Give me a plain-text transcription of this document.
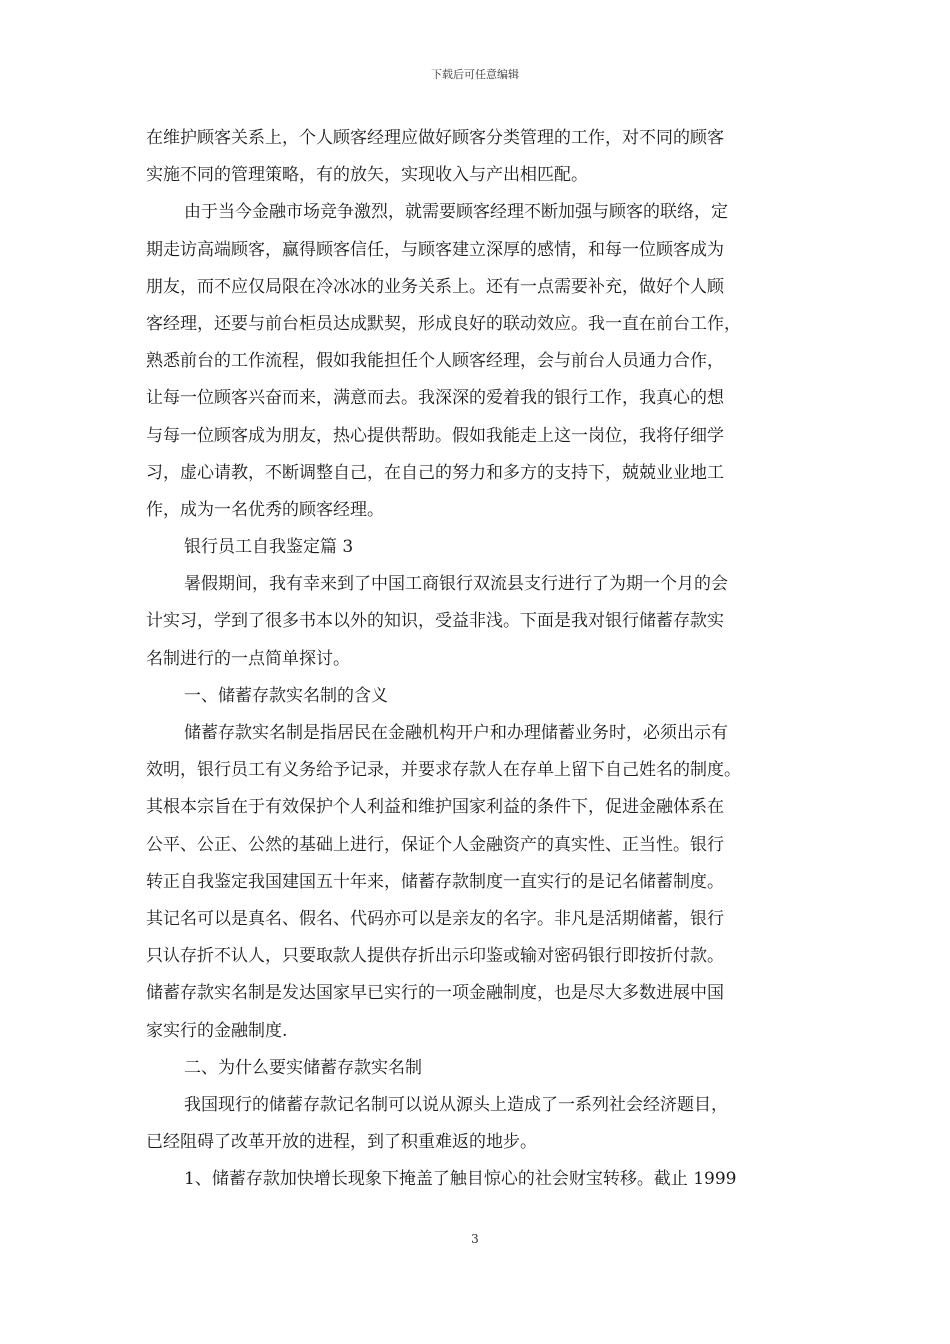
下载后可任意编辑
在维护顾客关系上，个人顾客经理应做好顾客分类管理的工作，对不同的顾客
实施不同的管理策略，有的放矢，实现收入与产出相匹配。
由于当今金融市场竞争激烈，就需要顾客经理不断加强与顾客的联络，定
期走访高端顾客，赢得顾客信任，与顾客建立深厚的感情，和每一位顾客成为
朋友，而不应仅局限在冷冰冰的业务关系上。还有一点需要补充，做好个人顾
客经理，还要与前台柜员达成默契，形成良好的联动效应。我一直在前台工作，
熟悉前台的工作流程，假如我能担任个人顾客经理，会与前台人员通力合作，
让每一位顾客兴奋而来，满意而去。我深深的爱着我的银行工作，我真心的想
与每一位顾客成为朋友，热心提供帮助。假如我能走上这一岗位，我将仔细学
习，虚心请教，不断调整自己，在自己的努力和多方的支持下，兢兢业业地工
作，成为一名优秀的顾客经理。
银行员工自我鉴定篇 3
暑假期间，我有幸来到了中国工商银行双流县支行进行了为期一个月的会
计实习，学到了很多书本以外的知识，受益非浅。下面是我对银行储蓄存款实
名制进行的一点简单探讨。
一、储蓄存款实名制的含义
储蓄存款实名制是指居民在金融机构开户和办理储蓄业务时，必须出示有
效明，银行员工有义务给予记录，并要求存款人在存单上留下自己姓名的制度。
其根本宗旨在于有效保护个人利益和维护国家利益的条件下，促进金融体系在
公平、公正、公然的基础上进行，保证个人金融资产的真实性、正当性。银行
转正自我鉴定我国建国五十年来，储蓄存款制度一直实行的是记名储蓄制度。
其记名可以是真名、假名、代码亦可以是亲友的名字。非凡是活期储蓄，银行
只认存折不认人，只要取款人提供存折出示印鉴或输对密码银行即按折付款。
储蓄存款实名制是发达国家早已实行的一项金融制度，也是尽大多数进展中国
家实行的金融制度.
二、为什么要实储蓄存款实名制
我国现行的储蓄存款记名制可以说从源头上造成了一系列社会经济题目，
已经阻碍了改革开放的进程，到了积重难返的地步。
1、储蓄存款加快增长现象下掩盖了触目惊心的社会财宝转移。截止 1999
3
